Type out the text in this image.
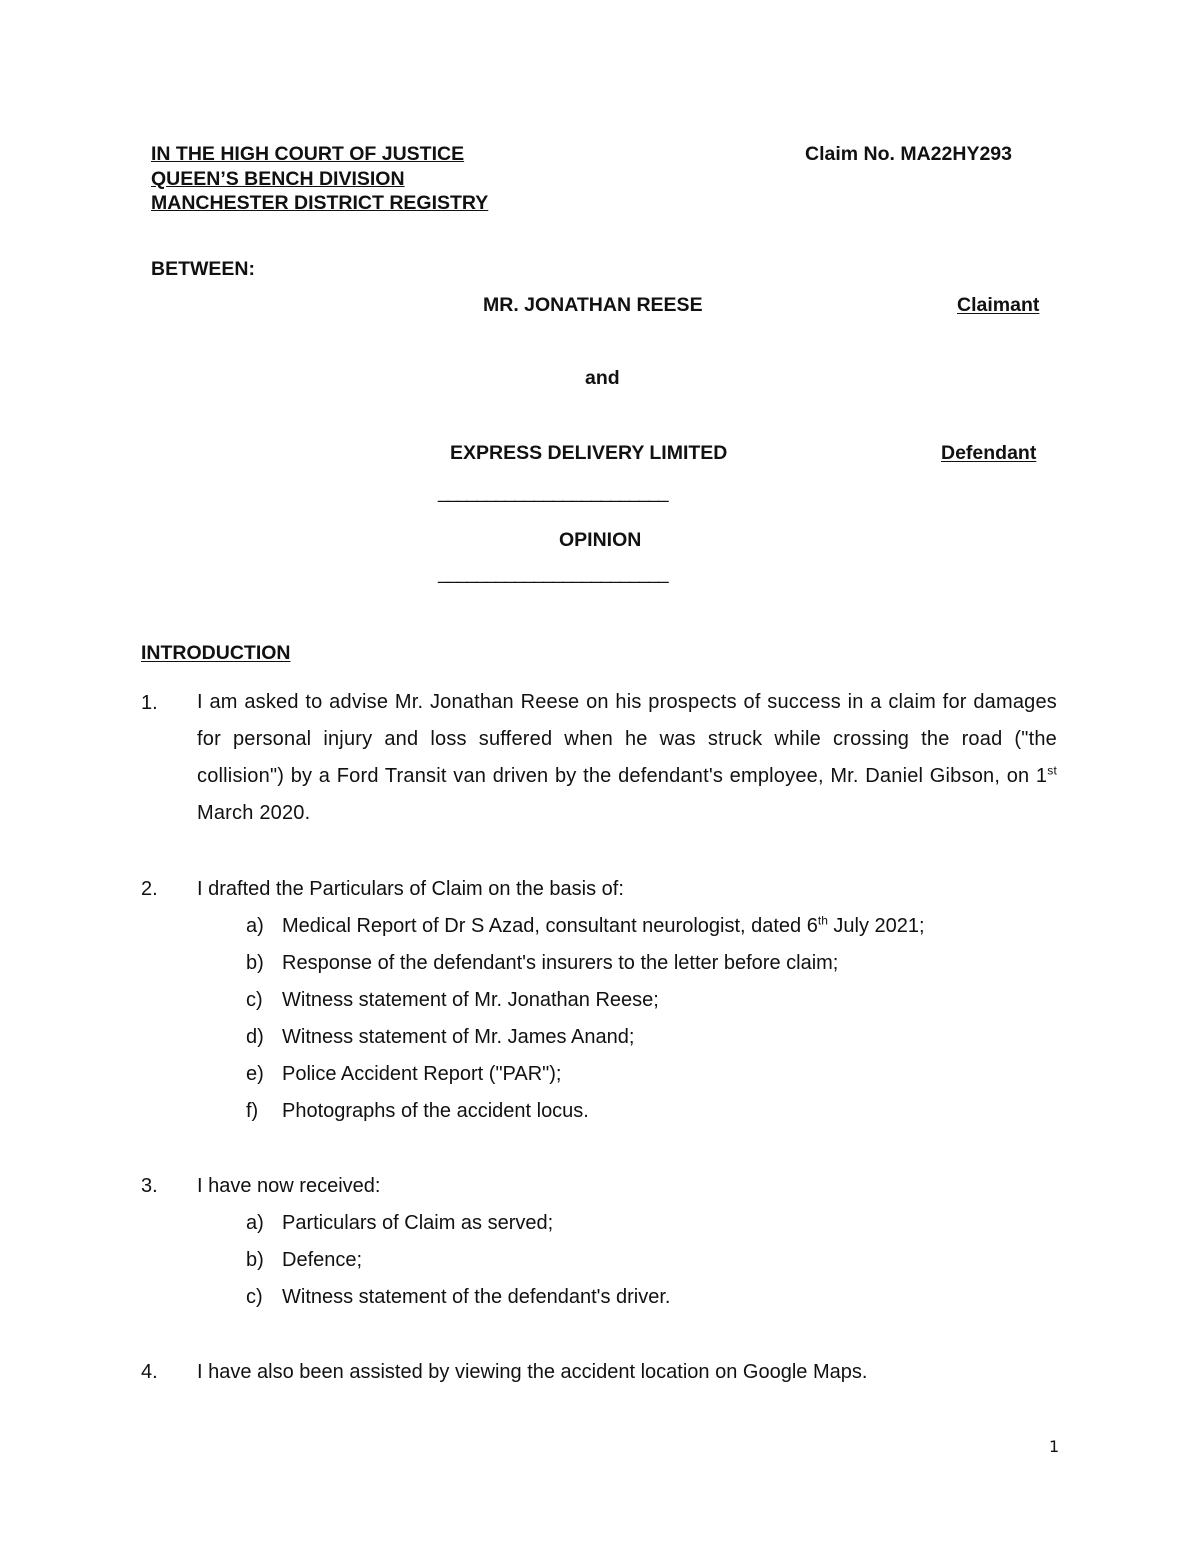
IN THE HIGH COURT OF JUSTICE
QUEEN’S BENCH DIVISION
MANCHESTER DISTRICT REGISTRY
Claim No. MA22HY293
BETWEEN:
MR. JONATHAN REESE	Claimant
and
EXPRESS DELIVERY LIMITED	Defendant
________________________
OPINION
________________________
INTRODUCTION
1. I am asked to advise Mr. Jonathan Reese on his prospects of success in a claim for damages for personal injury and loss suffered when he was struck while crossing the road ("the collision") by a Ford Transit van driven by the defendant's employee, Mr. Daniel Gibson, on 1st March 2020.
2. I drafted the Particulars of Claim on the basis of:
a) Medical Report of Dr S Azad, consultant neurologist, dated 6th July 2021;
b) Response of the defendant's insurers to the letter before claim;
c) Witness statement of Mr. Jonathan Reese;
d) Witness statement of Mr. James Anand;
e) Police Accident Report ("PAR");
f) Photographs of the accident locus.
3. I have now received:
a) Particulars of Claim as served;
b) Defence;
c) Witness statement of the defendant's driver.
4. I have also been assisted by viewing the accident location on Google Maps.
1
